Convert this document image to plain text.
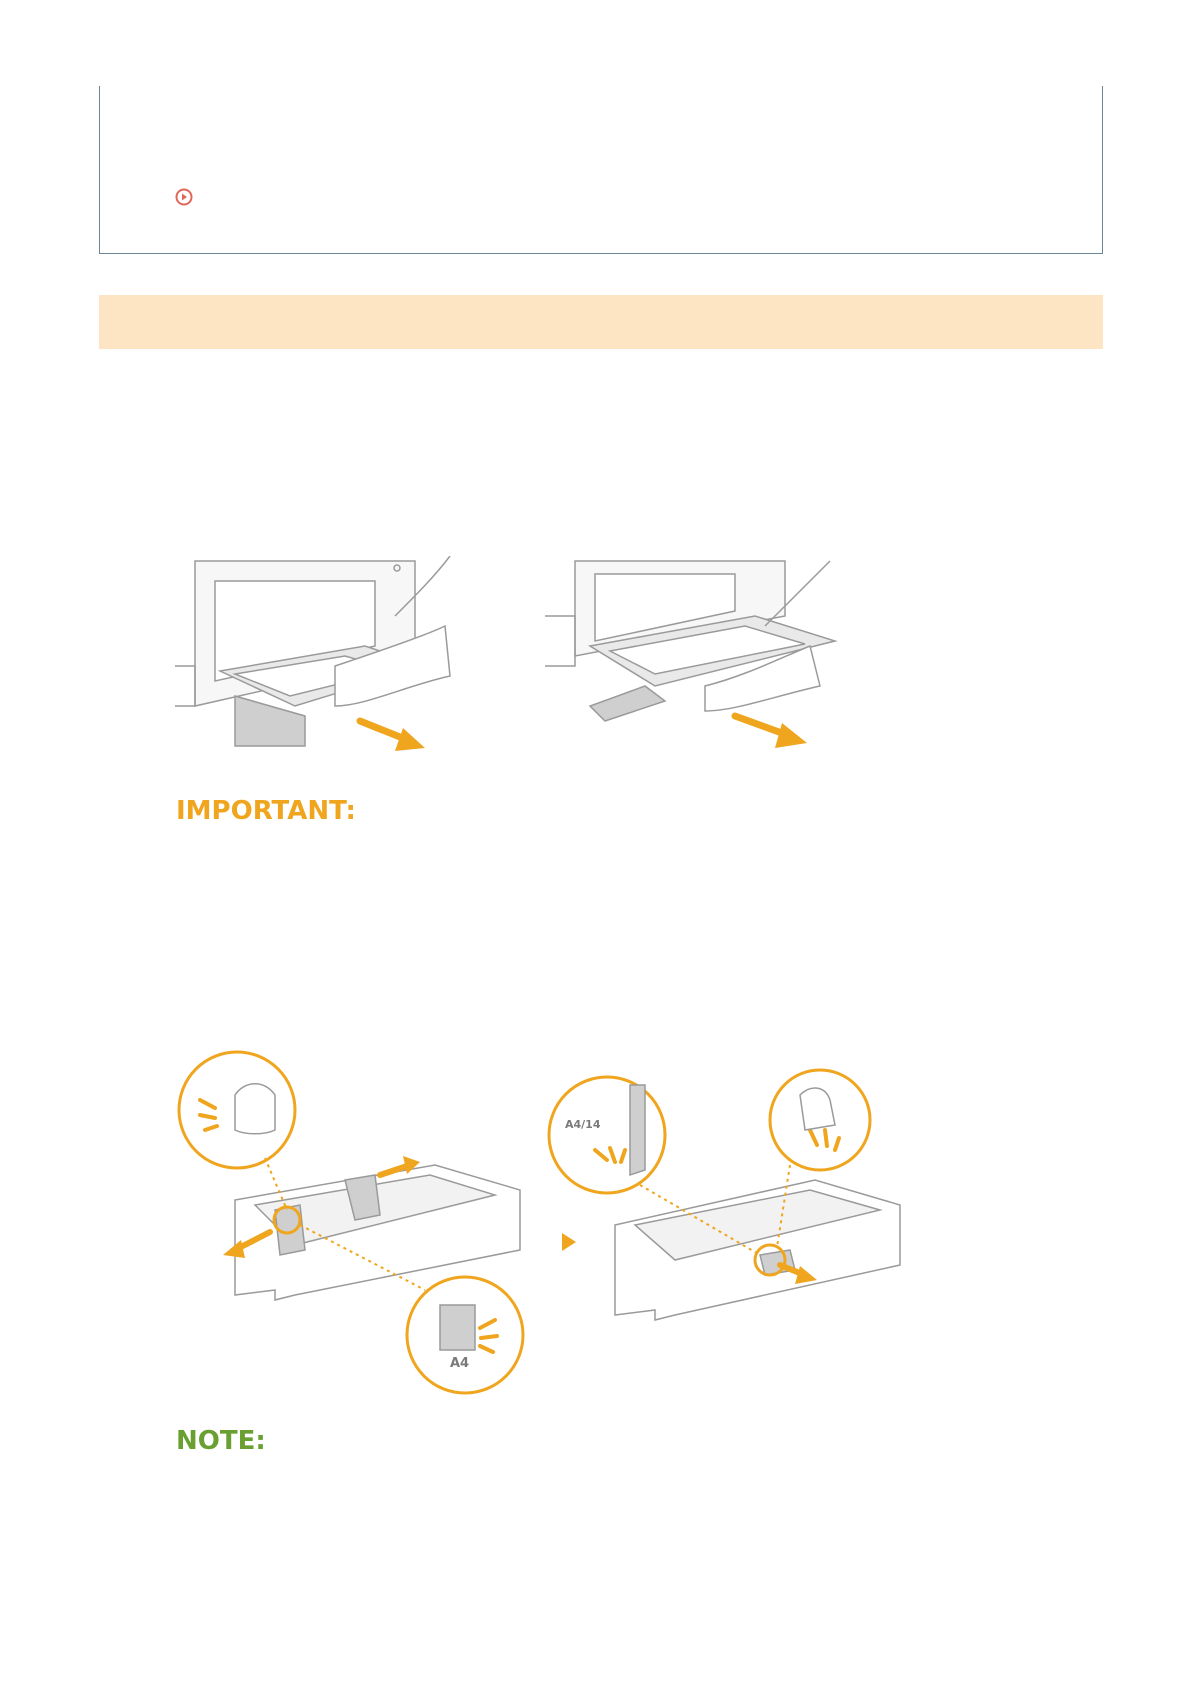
IMPORTANT:
A4
A4/14
NOTE:
